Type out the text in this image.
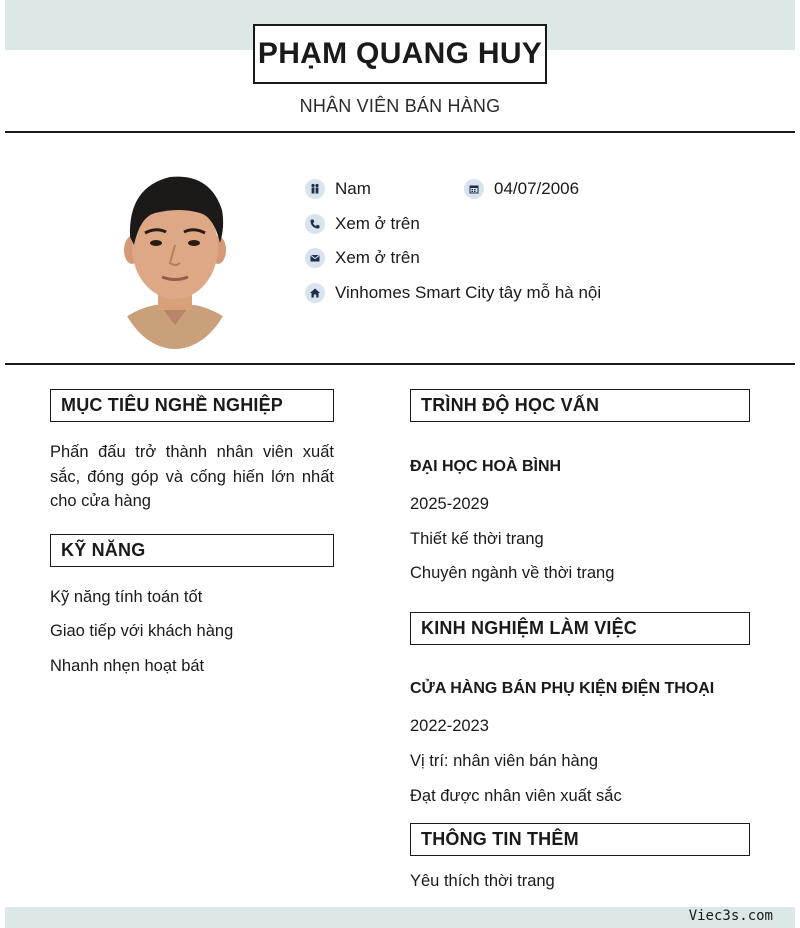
PHẠM QUANG HUY
NHÂN VIÊN BÁN HÀNG
Nam	04/07/2006
Xem ở trên
Xem ở trên
Vinhomes Smart City tây mỗ hà nội
MỤC TIÊU NGHỀ NGHIỆP
Phấn đấu trở thành nhân viên xuất sắc, đóng góp và cống hiến lớn nhất cho cửa hàng
KỸ NĂNG
Kỹ năng tính toán tốt
Giao tiếp với khách hàng
Nhanh nhẹn hoạt bát
TRÌNH ĐỘ HỌC VẤN
ĐẠI HỌC HOÀ BÌNH
2025-2029
Thiết kế thời trang
Chuyên ngành về thời trang
KINH NGHIỆM LÀM VIỆC
CỬA HÀNG BÁN PHỤ KIỆN ĐIỆN THOẠI
2022-2023
Vị trí: nhân viên bán hàng
Đạt được nhân viên xuất sắc
THÔNG TIN THÊM
Yêu thích thời trang
Viec3s.com
